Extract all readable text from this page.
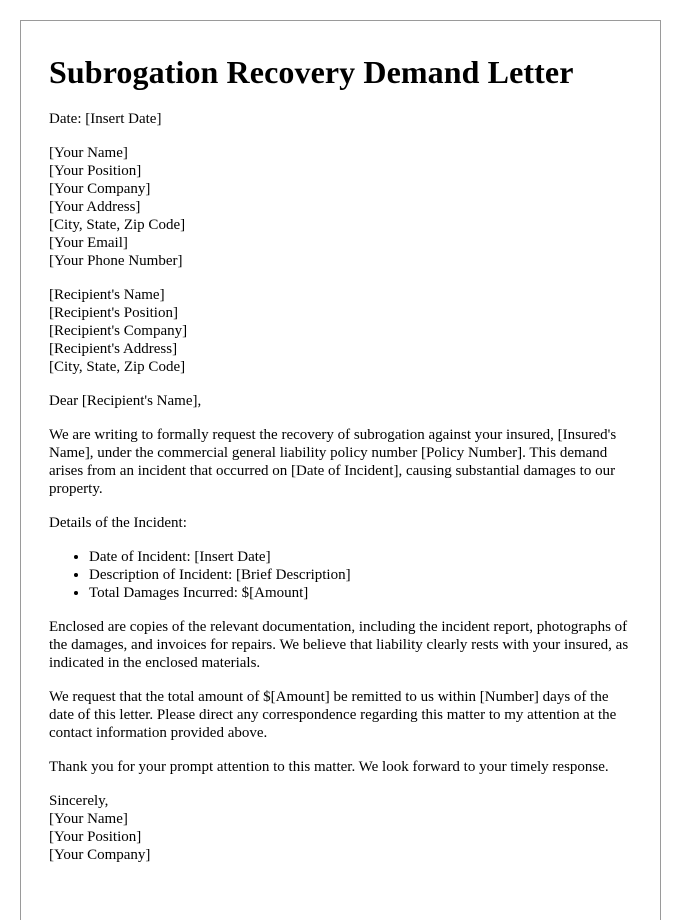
Subrogation Recovery Demand Letter

Date: [Insert Date]

[Your Name]
[Your Position]
[Your Company]
[Your Address]
[City, State, Zip Code]
[Your Email]
[Your Phone Number]
[Recipient's Name]
[Recipient's Position]
[Recipient's Company]
[Recipient's Address]
[City, State, Zip Code]

Dear [Recipient's Name],

We are writing to formally request the recovery of subrogation against your insured, [Insured's Name], under the commercial general liability policy number [Policy Number]. This demand arises from an incident that occurred on [Date of Incident], causing substantial damages to our property.

Details of the Incident:

• Date of Incident: [Insert Date]
• Description of Incident: [Brief Description]
• Total Damages Incurred: $[Amount]

Enclosed are copies of the relevant documentation, including the incident report, photographs of the damages, and invoices for repairs. We believe that liability clearly rests with your insured, as indicated in the enclosed materials.

We request that the total amount of $[Amount] be remitted to us within [Number] days of the date of this letter. Please direct any correspondence regarding this matter to my attention at the contact information provided above.

Thank you for your prompt attention to this matter. We look forward to your timely response.

Sincerely,
[Your Name]
[Your Position]
[Your Company]
